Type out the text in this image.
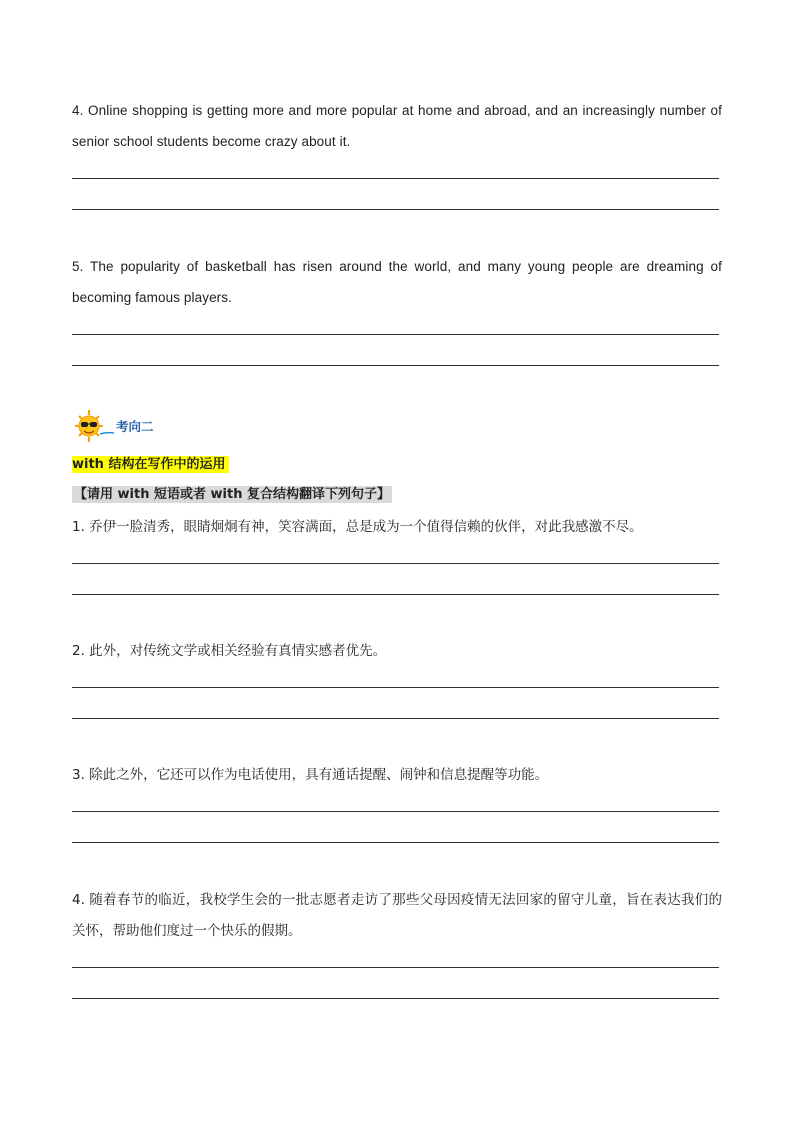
4. Online shopping is getting more and more popular at home and abroad, and an increasingly number of senior school students become crazy about it.
5. The popularity of basketball has risen around the world, and many young people are dreaming of becoming famous players.
考向二
with 结构在写作中的运用
【请用 with 短语或者 with 复合结构翻译下列句子】
1. 乔伊一脸清秀，眼睛炯炯有神，笑容满面，总是成为一个值得信赖的伙伴，对此我感激不尽。
2. 此外，对传统文学或相关经验有真情实感者优先。
3. 除此之外，它还可以作为电话使用，具有通话提醒、闹钟和信息提醒等功能。
4. 随着春节的临近，我校学生会的一批志愿者走访了那些父母因疫情无法回家的留守儿童，旨在表达我们的关怀，帮助他们度过一个快乐的假期。
